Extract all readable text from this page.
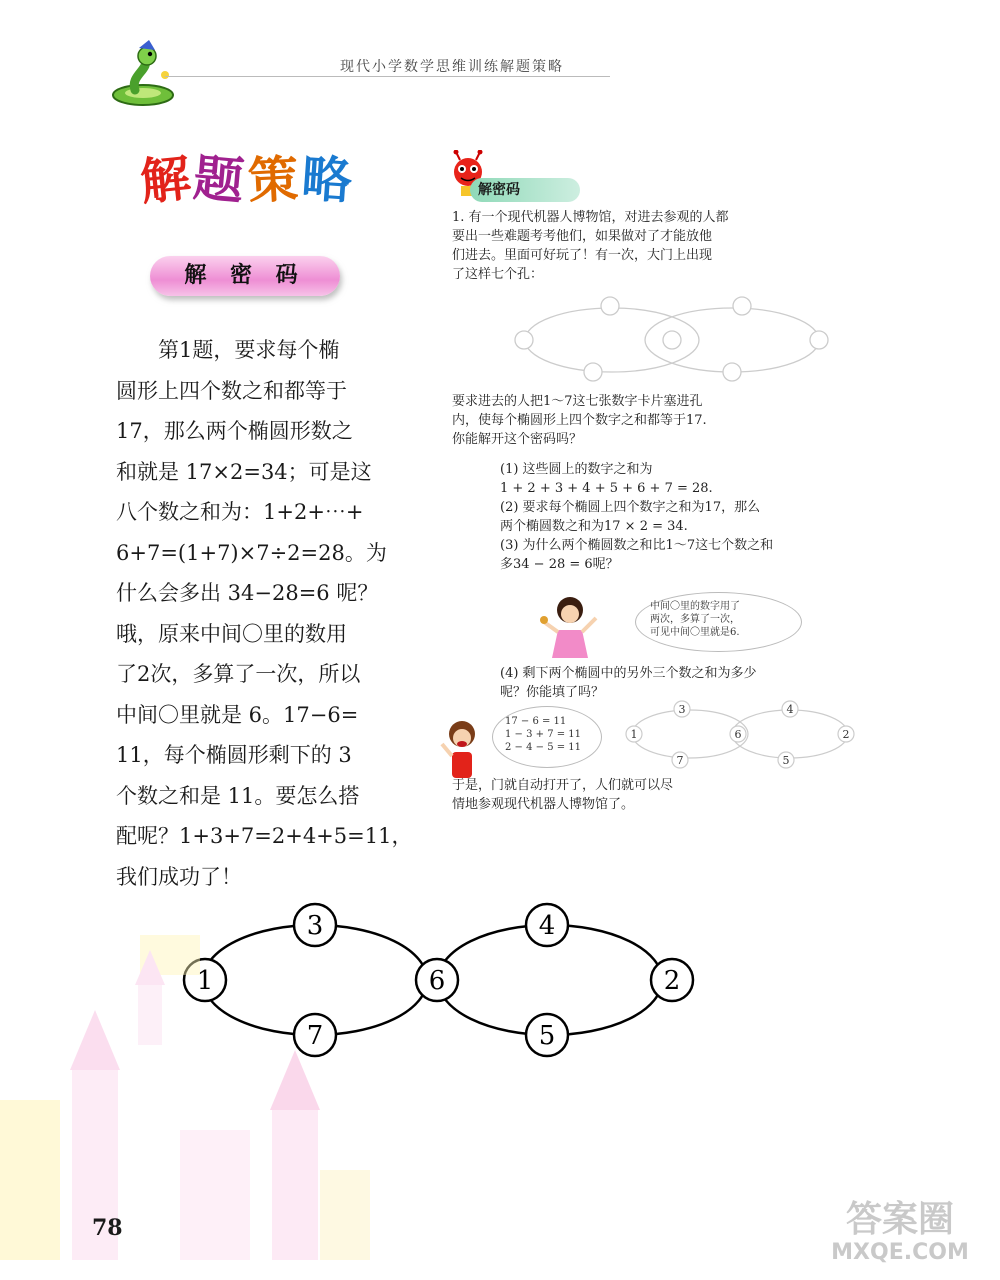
现代小学数学思维训练解题策略
解题策略
解 密 码
　　第1题，要求每个椭
圆形上四个数之和都等于
17，那么两个椭圆形数之
和就是 17×2=34；可是这
八个数之和为：1+2+⋯+
6+7=(1+7)×7÷2=28。为
什么会多出 34−28=6 呢？
哦，原来中间〇里的数用
了2次，多算了一次，所以
中间〇里就是 6。17−6=
11，每个椭圆形剩下的 3
个数之和是 11。要怎么搭
配呢？1+3+7=2+4+5=11，
我们成功了！
解密码
1. 有一个现代机器人博物馆，对进去参观的人都
要出一些难题考考他们，如果做对了才能放他
们进去。里面可好玩了！有一次，大门上出现
了这样七个孔：
要求进去的人把1～7这七张数字卡片塞进孔
内，使每个椭圆形上四个数字之和都等于17.
你能解开这个密码吗？
(1) 这些圆上的数字之和为
1 + 2 + 3 + 4 + 5 + 6 + 7 = 28.
(2) 要求每个椭圆上四个数字之和为17，那么
两个椭圆数之和为17 × 2 = 34.
(3) 为什么两个椭圆数之和比1～7这七个数之和
多34 − 28 = 6呢？
中间〇里的数字用了
两次，多算了一次，
可见中间〇里就是6.
(4) 剩下两个椭圆中的另外三个数之和为多少
呢？你能填了吗？
17 − 6 = 11
1 − 3 + 7 = 11
2 − 4 − 5 = 11
1
3
7
6
4
5
2
于是，门就自动打开了，人们就可以尽
情地参观现代机器人博物馆了。
1
3
7
6
4
5
2
78	答案圈
MXQE.COM
